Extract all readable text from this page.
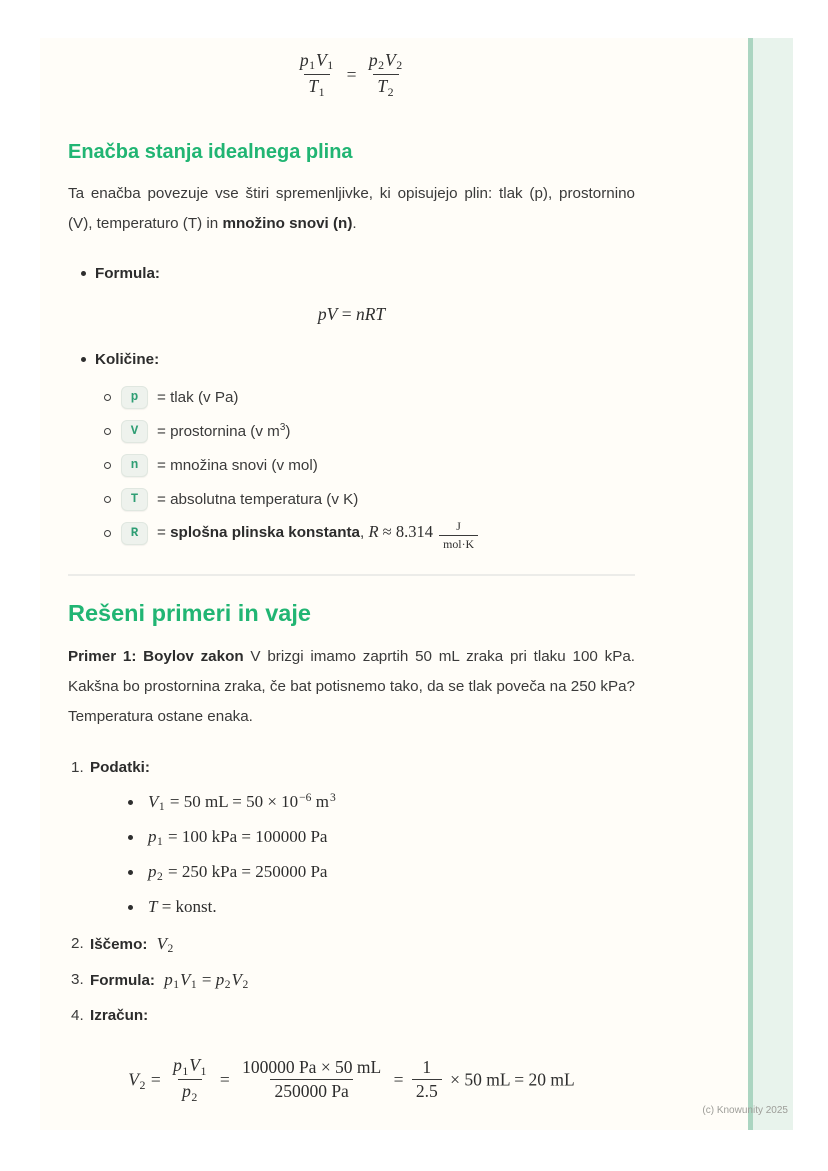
$\frac{p1V1}{T1} = \frac{p2V2}{T2}$
Enačba stanja idealnega plina

Ta enačba povezuje vse štiri spremenljivke, ki opisujejo plin: tlak (p), prostornino (V), temperaturo (T) in množino snovi (n).

Formula:
pV = nRT
Količine:
p	= tlak (v Pa)
V	= prostornina (v $m^3$)
n	= množina snovi (v mol)
T	= absolutna temperatura (v K)
R	= splošna plinska konstanta, R ≈ 8.314	J
mol·K
Rešeni primeri in vaje

Primer 1: Boylov zakon V brizgi imamo zaprtih 50 mL zraka pri tlaku 100 kPa. Kakšna bo prostornina zraka, če bat potisnemo tako, da se tlak poveča na 250 kPa? Temperatura ostane enaka.

1. Podatki:
V1 = 50 mL = $50 \times 10^{-6}$ $m^3$
p1 = 100 kPa = 100000 Pa
p2 = 250 kPa = 250000 Pa
T = konst.
2. Iščemo: V2
3. Formula: p1V1 = p2V2
4. Izračun:
$V2 = \frac{p1V1}{p2} = \frac{100000 Pa \times 50 mL}{250000 Pa} = \frac{1}{2.5} \times 50$ mL = 20 mL
(c) Knowunity 2025
